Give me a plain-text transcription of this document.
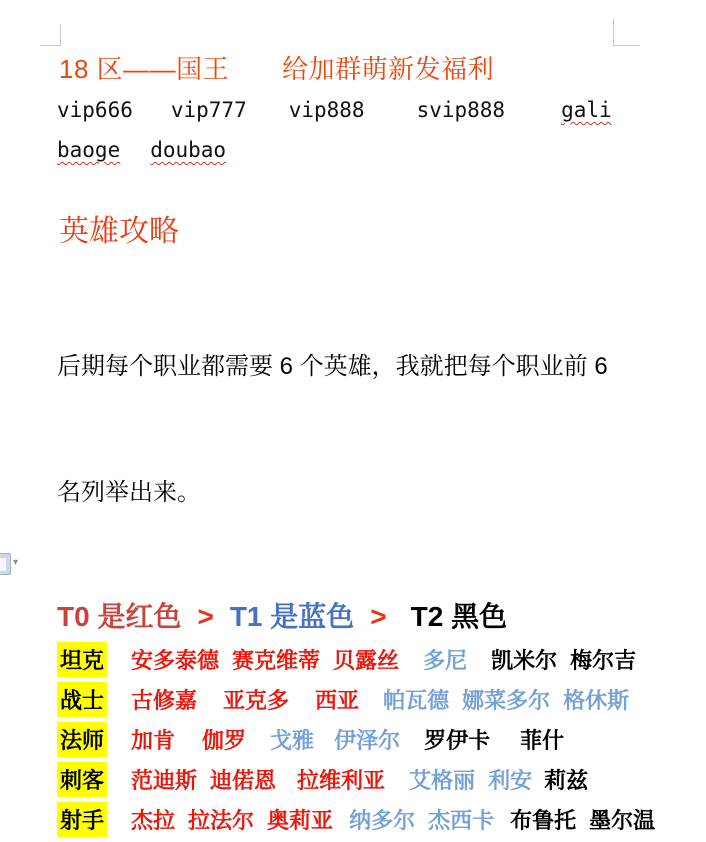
18 区——国王　　给加群萌新发福利
vip666 vip777 vip888 svip888	gali
baoge doubao
英雄攻略

后期每个职业都需要 6 个英雄，我就把每个职业前 6

名列举出来。

T0 是红色 > T1 是蓝色 > T2 黑色
坦克 安多泰德 赛克维蒂 贝露丝 多尼 凯米尔 梅尔吉
战士 古修嘉 亚克多 西亚 帕瓦德 娜菜多尔 格休斯
法师 加肯 伽罗 戈雅 伊泽尔 罗伊卡 菲什
刺客 范迪斯 迪偌恩 拉维利亚 艾格丽 利安 莉兹
射手 杰拉 拉法尔 奥莉亚 纳多尔 杰西卡 布鲁托 墨尔温
▾
